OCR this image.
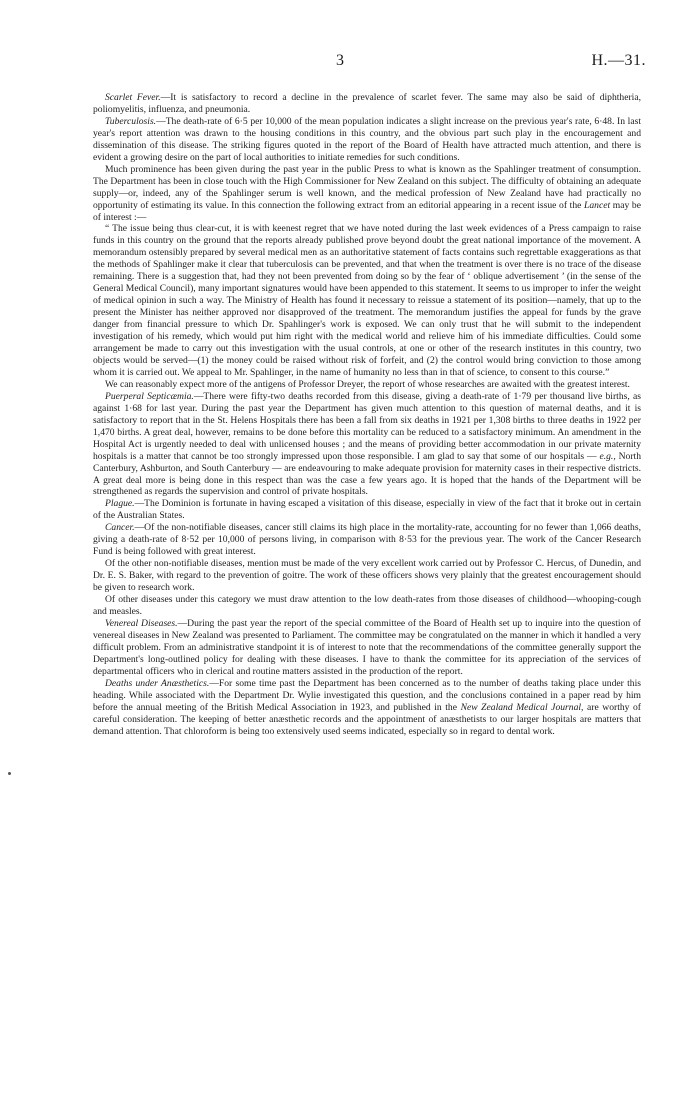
3	H.—31.

Scarlet Fever.—It is satisfactory to record a decline in the prevalence of scarlet fever. The same may also be said of diphtheria, poliomyelitis, influenza, and pneumonia.

Tuberculosis.—The death-rate of 6·5 per 10,000 of the mean population indicates a slight increase on the previous year's rate, 6·48. In last year's report attention was drawn to the housing conditions in this country, and the obvious part such play in the encouragement and dissemination of this disease. The striking figures quoted in the report of the Board of Health have attracted much attention, and there is evident a growing desire on the part of local authorities to initiate remedies for such conditions.

Much prominence has been given during the past year in the public Press to what is known as the Spahlinger treatment of consumption. The Department has been in close touch with the High Commissioner for New Zealand on this subject. The difficulty of obtaining an adequate supply—or, indeed, any of the Spahlinger serum is well known, and the medical profession of New Zealand have had practically no opportunity of estimating its value. In this connection the following extract from an editorial appearing in a recent issue of the Lancet may be of interest :—

“ The issue being thus clear-cut, it is with keenest regret that we have noted during the last week evidences of a Press campaign to raise funds in this country on the ground that the reports already published prove beyond doubt the great national importance of the movement. A memorandum ostensibly prepared by several medical men as an authoritative statement of facts contains such regrettable exaggerations as that the methods of Spahlinger make it clear that tuberculosis can be prevented, and that when the treatment is over there is no trace of the disease remaining. There is a suggestion that, had they not been prevented from doing so by the fear of ‘ oblique advertisement ’ (in the sense of the General Medical Council), many important signatures would have been appended to this statement. It seems to us improper to infer the weight of medical opinion in such a way. The Ministry of Health has found it necessary to reissue a statement of its position—namely, that up to the present the Minister has neither approved nor disapproved of the treatment. The memorandum justifies the appeal for funds by the grave danger from financial pressure to which Dr. Spahlinger's work is exposed. We can only trust that he will submit to the independent investigation of his remedy, which would put him right with the medical world and relieve him of his immediate difficulties. Could some arrangement be made to carry out this investigation with the usual controls, at one or other of the research institutes in this country, two objects would be served—(1) the money could be raised without risk of forfeit, and (2) the control would bring conviction to those among whom it is carried out. We appeal to Mr. Spahlinger, in the name of humanity no less than in that of science, to consent to this course.”

We can reasonably expect more of the antigens of Professor Dreyer, the report of whose researches are awaited with the greatest interest.

Puerperal Septicæmia.—There were fifty-two deaths recorded from this disease, giving a death-rate of 1·79 per thousand live births, as against 1·68 for last year. During the past year the Department has given much attention to this question of maternal deaths, and it is satisfactory to report that in the St. Helens Hospitals there has been a fall from six deaths in 1921 per 1,308 births to three deaths in 1922 per 1,470 births. A great deal, however, remains to be done before this mortality can be reduced to a satisfactory minimum. An amendment in the Hospital Act is urgently needed to deal with unlicensed houses ; and the means of providing better accommodation in our private maternity hospitals is a matter that cannot be too strongly impressed upon those responsible. I am glad to say that some of our hospitals — e.g., North Canterbury, Ashburton, and South Canterbury — are endeavouring to make adequate provision for maternity cases in their respective districts. A great deal more is being done in this respect than was the case a few years ago. It is hoped that the hands of the Department will be strengthened as regards the supervision and control of private hospitals.

Plague.—The Dominion is fortunate in having escaped a visitation of this disease, especially in view of the fact that it broke out in certain of the Australian States.

Cancer.—Of the non-notifiable diseases, cancer still claims its high place in the mortality-rate, accounting for no fewer than 1,066 deaths, giving a death-rate of 8·52 per 10,000 of persons living, in comparison with 8·53 for the previous year. The work of the Cancer Research Fund is being followed with great interest.

Of the other non-notifiable diseases, mention must be made of the very excellent work carried out by Professor C. Hercus, of Dunedin, and Dr. E. S. Baker, with regard to the prevention of goitre. The work of these officers shows very plainly that the greatest encouragement should be given to research work.

Of other diseases under this category we must draw attention to the low death-rates from those diseases of childhood—whooping-cough and measles.

Venereal Diseases.—During the past year the report of the special committee of the Board of Health set up to inquire into the question of venereal diseases in New Zealand was presented to Parliament. The committee may be congratulated on the manner in which it handled a very difficult problem. From an administrative standpoint it is of interest to note that the recommendations of the committee generally support the Department's long-outlined policy for dealing with these diseases. I have to thank the committee for its appreciation of the services of departmental officers who in clerical and routine matters assisted in the production of the report.

Deaths under Anæsthetics.—For some time past the Department has been concerned as to the number of deaths taking place under this heading. While associated with the Department Dr. Wylie investigated this question, and the conclusions contained in a paper read by him before the annual meeting of the British Medical Association in 1923, and published in the New Zealand Medical Journal, are worthy of careful consideration. The keeping of better anæsthetic records and the appointment of anæsthetists to our larger hospitals are matters that demand attention. That chloroform is being too extensively used seems indicated, especially so in regard to dental work.
